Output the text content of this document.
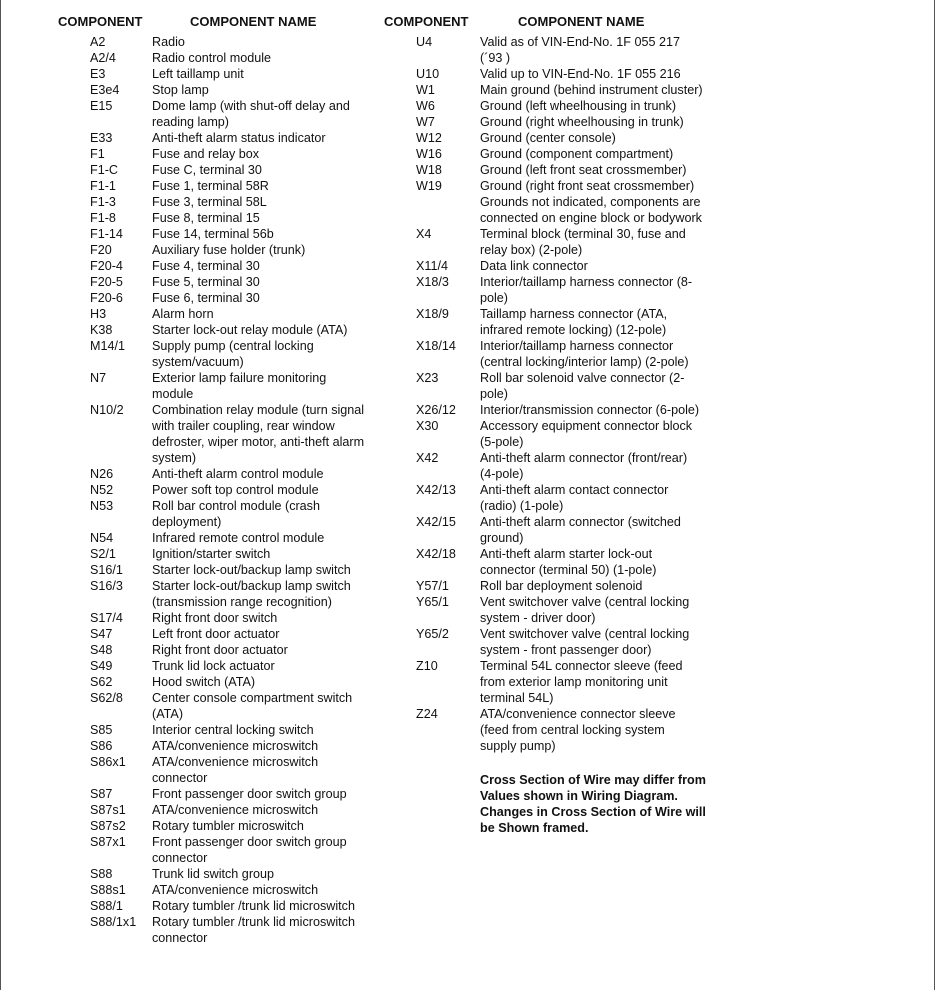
COMPONENT	COMPONENT NAME
A2	Radio
A2/4	Radio control module
E3	Left taillamp unit
E3e4	Stop lamp
E15	Dome lamp (with shut-off delay and reading lamp)
E33	Anti-theft alarm status indicator
F1	Fuse and relay box
F1-C	Fuse C, terminal 30
F1-1	Fuse 1, terminal 58R
F1-3	Fuse 3, terminal 58L
F1-8	Fuse 8, terminal 15
F1-14	Fuse 14, terminal 56b
F20	Auxiliary fuse holder (trunk)
F20-4	Fuse 4, terminal 30
F20-5	Fuse 5, terminal 30
F20-6	Fuse 6, terminal 30
H3	Alarm horn
K38	Starter lock-out relay module (ATA)
M14/1	Supply pump (central locking system/vacuum)
N7	Exterior lamp failure monitoring module
N10/2	Combination relay module (turn signal with trailer coupling, rear window defroster, wiper motor, anti-theft alarm system)
N26	Anti-theft alarm control module
N52	Power soft top control module
N53	Roll bar control module (crash deployment)
N54	Infrared remote control module
S2/1	Ignition/starter switch
S16/1	Starter lock-out/backup lamp switch
S16/3	Starter lock-out/backup lamp switch (transmission range recognition)
S17/4	Right front door switch
S47	Left front door actuator
S48	Right front door actuator
S49	Trunk lid lock actuator
S62	Hood switch (ATA)
S62/8	Center console compartment switch (ATA)
S85	Interior central locking switch
S86	ATA/convenience microswitch
S86x1	ATA/convenience microswitch connector
S87	Front passenger door switch group
S87s1	ATA/convenience microswitch
S87s2	Rotary tumbler microswitch
S87x1	Front passenger door switch group connector
S88	Trunk lid switch group
S88s1	ATA/convenience microswitch
S88/1	Rotary tumbler /trunk lid microswitch
S88/1x1	Rotary tumbler /trunk lid microswitch connector
COMPONENT	COMPONENT NAME
U4	Valid as of VIN-End-No. 1F 055 217 (´93 )
U10	Valid up to VIN-End-No. 1F 055 216
W1	Main ground (behind instrument cluster)
W6	Ground (left wheelhousing in trunk)
W7	Ground (right wheelhousing in trunk)
W12	Ground (center console)
W16	Ground (component compartment)
W18	Ground (left front seat crossmember)
W19	Ground (right front seat crossmember)
Grounds not indicated, components are connected on engine block or bodywork
X4	Terminal block (terminal 30, fuse and relay box) (2-pole)
X11/4	Data link connector
X18/3	Interior/taillamp harness connector (8-pole)
X18/9	Taillamp harness connector (ATA, infrared remote locking) (12-pole)
X18/14	Interior/taillamp harness connector (central locking/interior lamp) (2-pole)
X23	Roll bar solenoid valve connector (2-pole)
X26/12	Interior/transmission connector (6-pole)
X30	Accessory equipment connector block (5-pole)
X42	Anti-theft alarm connector (front/rear) (4-pole)
X42/13	Anti-theft alarm contact connector (radio) (1-pole)
X42/15	Anti-theft alarm connector (switched ground)
X42/18	Anti-theft alarm starter lock-out connector (terminal 50) (1-pole)
Y57/1	Roll bar deployment solenoid
Y65/1	Vent switchover valve (central locking system - driver door)
Y65/2	Vent switchover valve (central locking system - front passenger door)
Z10	Terminal 54L connector sleeve (feed from exterior lamp monitoring unit terminal 54L)
Z24	ATA/convenience connector sleeve (feed from central locking system supply pump)
Cross Section of Wire may differ from Values shown in Wiring Diagram.
Changes in Cross Section of Wire will be Shown framed.
